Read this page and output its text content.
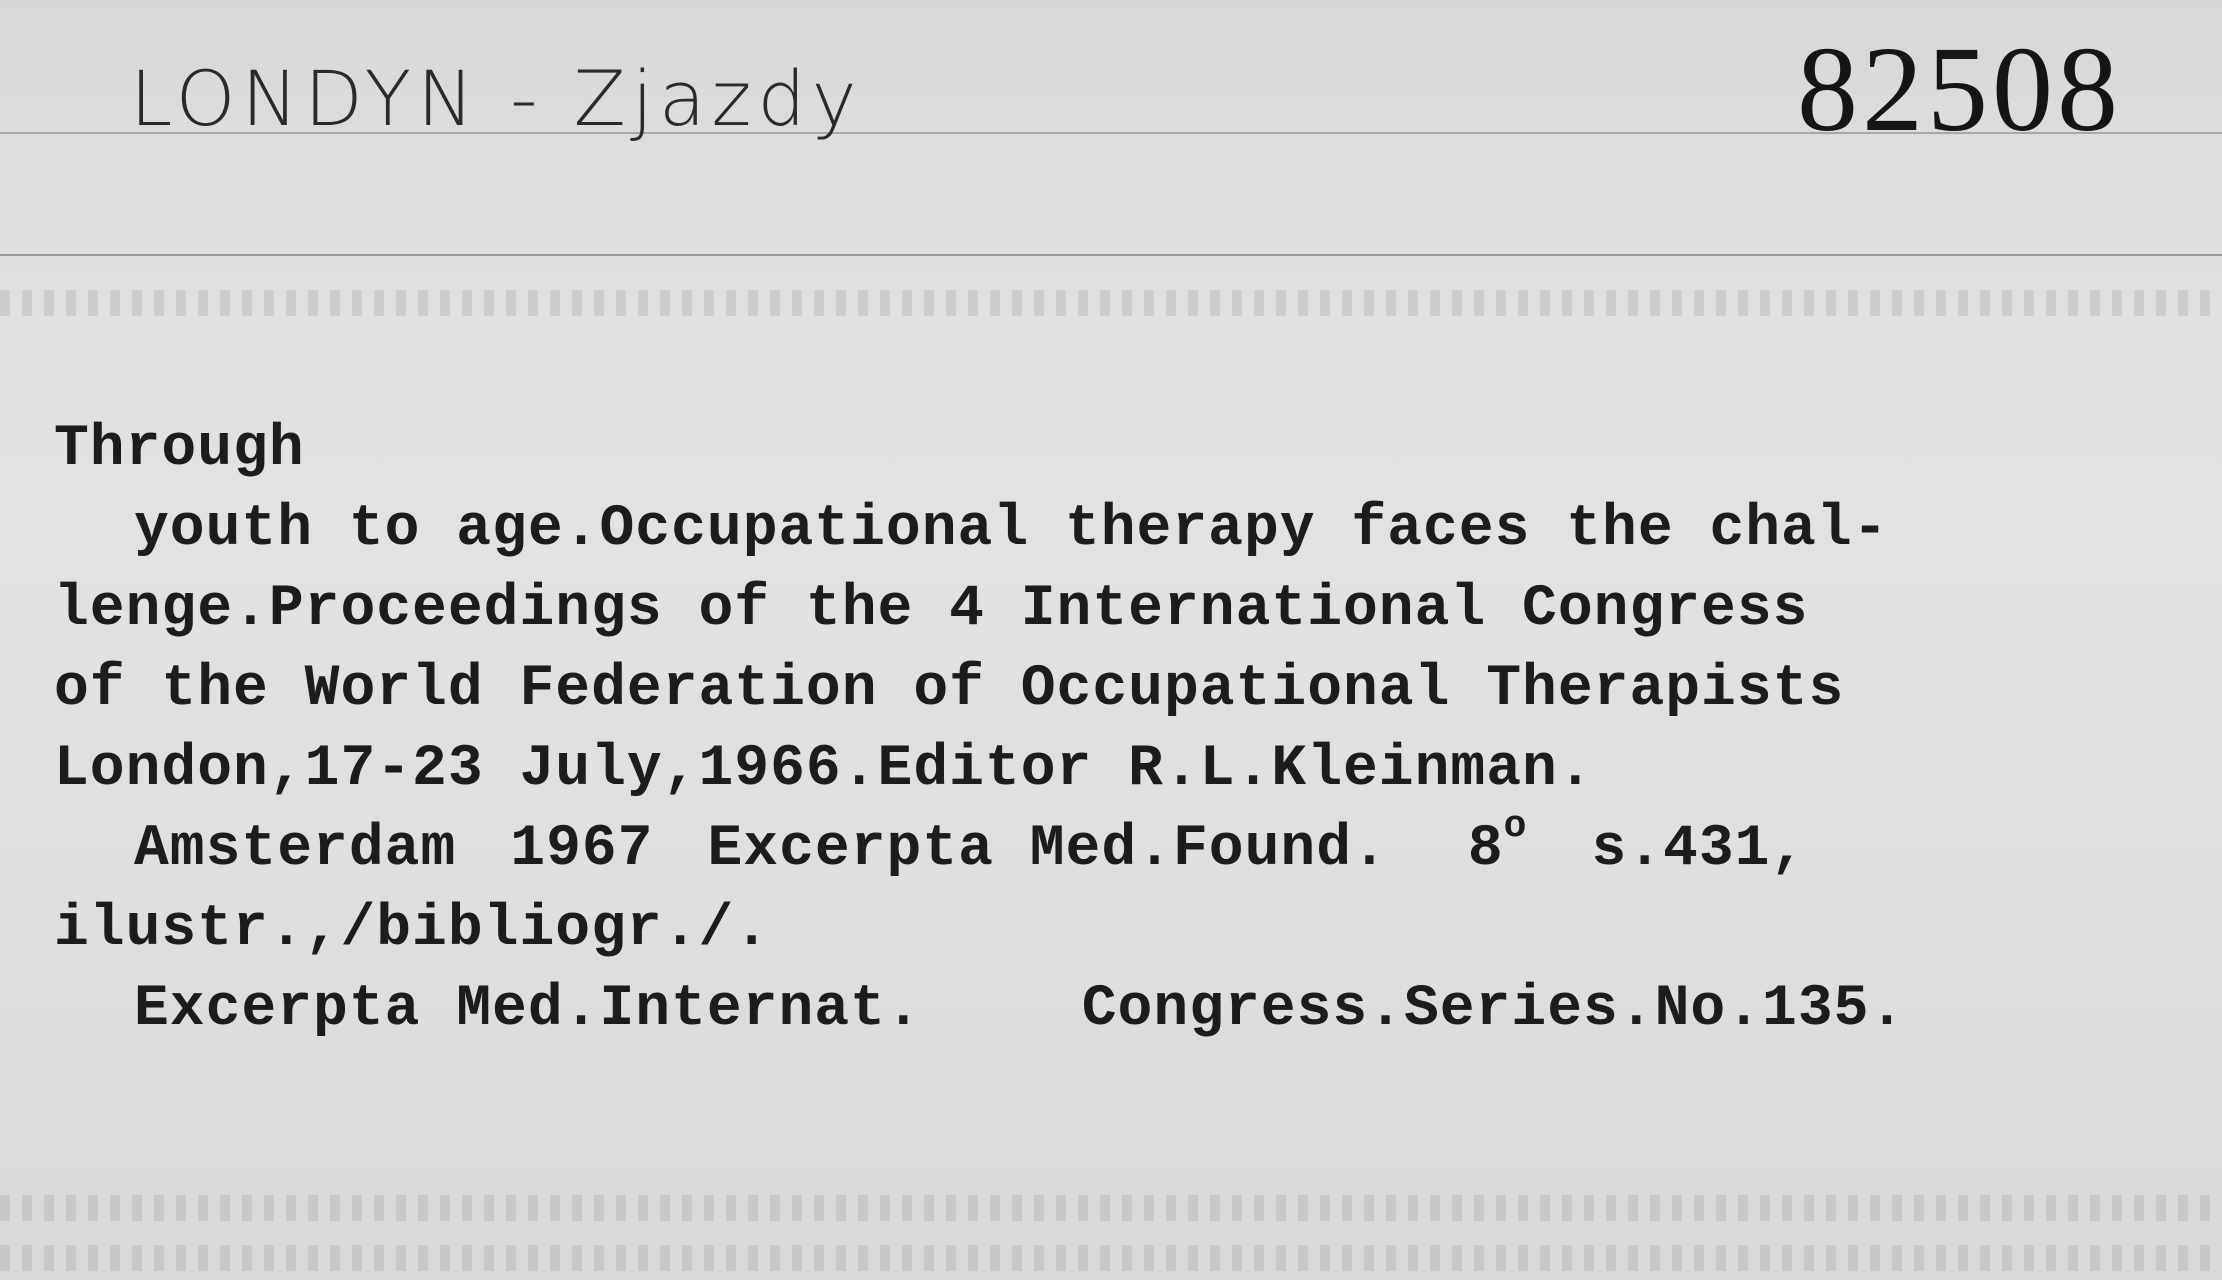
LONDYN - Zjazdy	82508
Through
youth to age.Occupational therapy faces the chal-
lenge.Proceedings of the 4 International Congress
of the World Federation of Occupational Therapists
London,17-23 July,1966.Editor R.L.Kleinman.
Amsterdam 1967 Excerpta Med.Found. 8$^o$ s.431,
ilustr.,/bibliogr./.
Excerpta Med.Internat.	Congress.Series.No.135.
